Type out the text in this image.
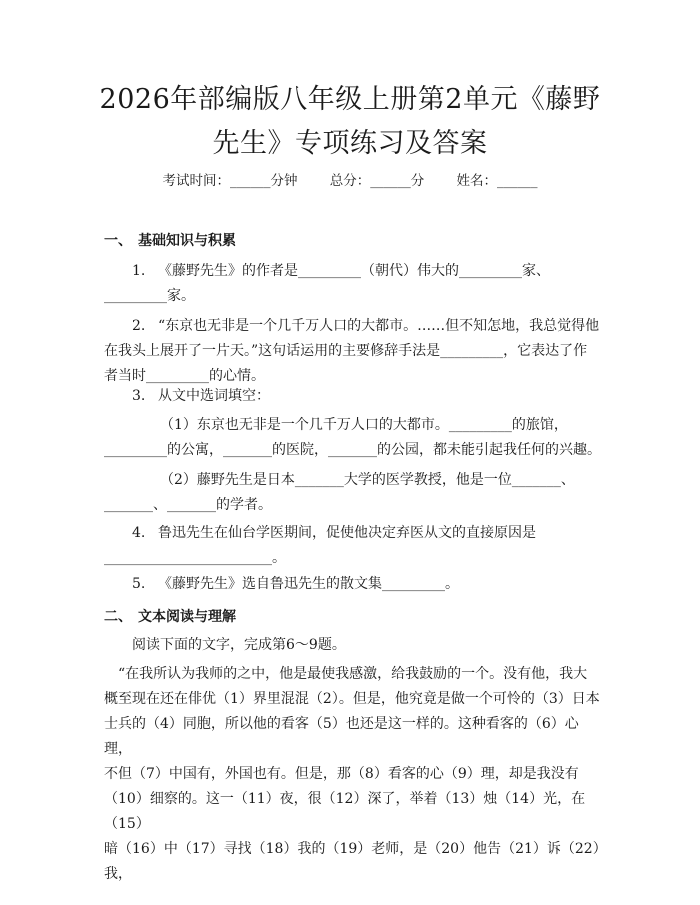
2026年部编版八年级上册第2单元《藤野先生》专项练习及答案
考试时间：______分钟 总分：______分 姓名：______
一、 基础知识与积累
1. 《藤野先生》的作者是_________（朝代）伟大的_________家、
_________家。
2. “东京也无非是一个几千万人口的大都市。……但不知怎地，我总觉得他
在我头上展开了一片天。”这句话运用的主要修辞手法是_________，它表达了作
者当时_________的心情。
3. 从文中选词填空：
（1）东京也无非是一个几千万人口的大都市。_________的旅馆，
_________的公寓，_______的医院，_______的公园，都未能引起我任何的兴趣。
（2）藤野先生是日本_______大学的医学教授，他是一位_______、
_______、_______的学者。
4. 鲁迅先生在仙台学医期间，促使他决定弃医从文的直接原因是
________________________。
5. 《藤野先生》选自鲁迅先生的散文集_________。
二、 文本阅读与理解
阅读下面的文字，完成第6～9题。
“在我所认为我师的之中，他是最使我感激，给我鼓励的一个。没有他，我大
概至现在还在俳优（1）界里混混（2）。但是，他究竟是做一个可怜的（3）日本
士兵的（4）同胞，所以他的看客（5）也还是这一样的。这种看客的（6）心理，
不但（7）中国有，外国也有。但是，那（8）看客的心（9）理，却是我没有
（10）细察的。这一（11）夜，很（12）深了，举着（13）烛（14）光，在（15）
暗（16）中（17）寻找（18）我的（19）老师，是（20）他告（21）诉（22）我，
